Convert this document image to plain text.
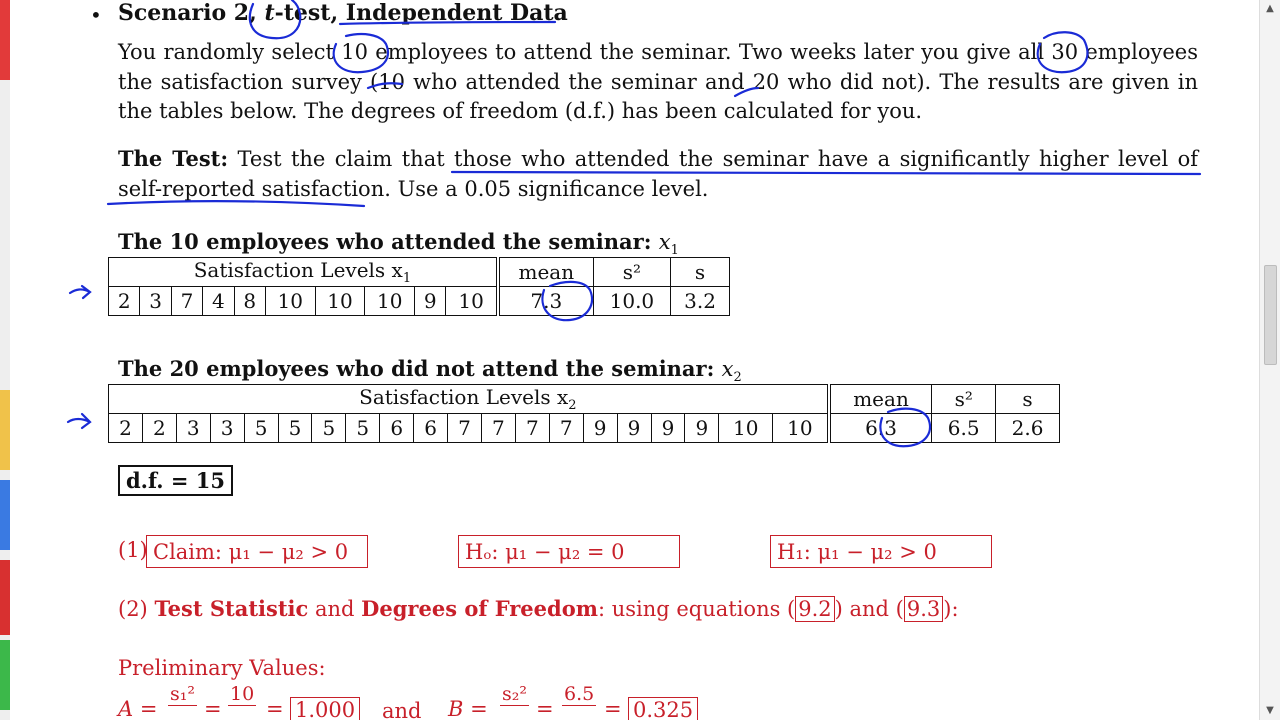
• Scenario 2, t-test, Independent Data
You randomly select 10 employees to attend the seminar. Two weeks later you give all 30 employees the satisfaction survey (10 who attended the seminar and 20 who did not). The results are given in the tables below. The degrees of freedom (d.f.) has been calculated for you.
The Test: Test the claim that those who attended the seminar have a significantly higher level of self-reported satisfaction. Use a 0.05 significance level.
The 10 employees who attended the seminar: $x_1$
Satisfaction Levels $x_1$										mean	s²	s
2	3	7	4	8	10	10	10	9	10	7.3	10.0	3.2
The 20 employees who did not attend the seminar: $x_2$
Satisfaction Levels $x_2$																				mean	s²	s
2	2	3	3	5	5	5	5	6	6	7	7	7	7	9	9	9	9	10	10	6.3	6.5	2.6
d.f. = 15
(1) Claim: μ₁ − μ₂ > 0	Hₒ: μ₁ − μ₂ = 0	H₁: μ₁ − μ₂ > 0
(2) Test Statistic and Degrees of Freedom: using equations ( 9.2 ) and ( 9.3 ):
Preliminary Values:
A =
s₁²
=
10
= 1.000 and B =
s₂²
=
6.5
= 0.325
▲
▼
